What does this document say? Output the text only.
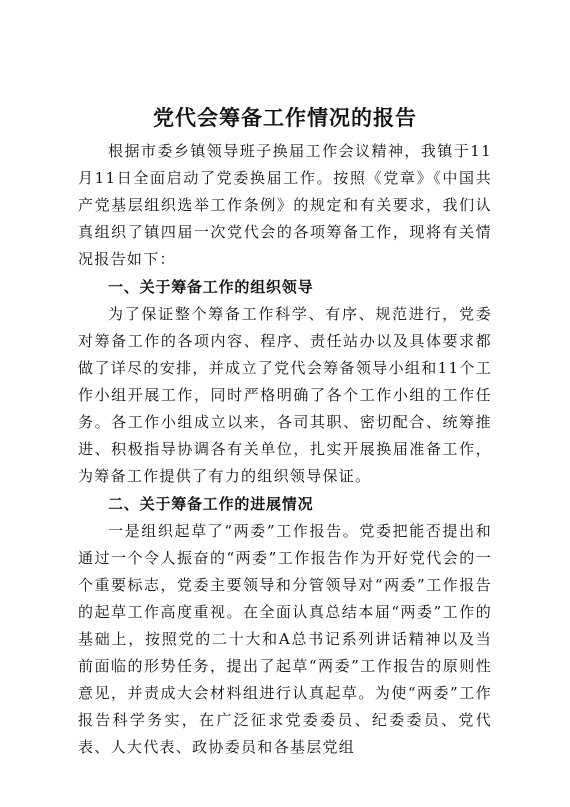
党代会筹备工作情况的报告

根据市委乡镇领导班子换届工作会议精神，我镇于11月11日全面启动了党委换届工作。按照《党章》《中国共产党基层组织选举工作条例》的规定和有关要求，我们认真组织了镇四届一次党代会的各项筹备工作，现将有关情况报告如下：

一、关于筹备工作的组织领导

为了保证整个筹备工作科学、有序、规范进行，党委对筹备工作的各项内容、程序、责任站办以及具体要求都做了详尽的安排，并成立了党代会筹备领导小组和11个工作小组开展工作，同时严格明确了各个工作小组的工作任务。各工作小组成立以来，各司其职、密切配合、统筹推进、积极指导协调各有关单位，扎实开展换届准备工作，为筹备工作提供了有力的组织领导保证。

二、关于筹备工作的进展情况

一是组织起草了“两委”工作报告。党委把能否提出和通过一个令人振奋的“两委”工作报告作为开好党代会的一个重要标志，党委主要领导和分管领导对“两委”工作报告的起草工作高度重视。在全面认真总结本届“两委”工作的基础上，按照党的二十大和A总书记系列讲话精神以及当前面临的形势任务，提出了起草“两委”工作报告的原则性意见，并责成大会材料组进行认真起草。为使“两委”工作报告科学务实，在广泛征求党委委员、纪委委员、党代表、人大代表、政协委员和各基层党组
